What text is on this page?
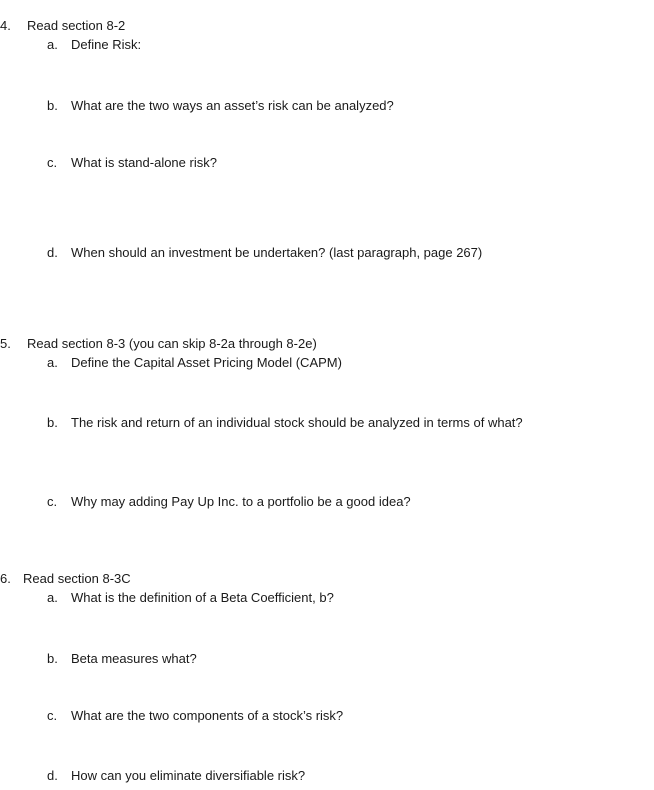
4. Read section 8-2
a. Define Risk:
b. What are the two ways an asset’s risk can be analyzed?
c. What is stand-alone risk?
d. When should an investment be undertaken? (last paragraph, page 267)
5. Read section 8-3 (you can skip 8-2a through 8-2e)
a. Define the Capital Asset Pricing Model (CAPM)
b. The risk and return of an individual stock should be analyzed in terms of what?
c. Why may adding Pay Up Inc. to a portfolio be a good idea?
6. Read section 8-3C
a. What is the definition of a Beta Coefficient, b?
b. Beta measures what?
c. What are the two components of a stock’s risk?
d. How can you eliminate diversifiable risk?
